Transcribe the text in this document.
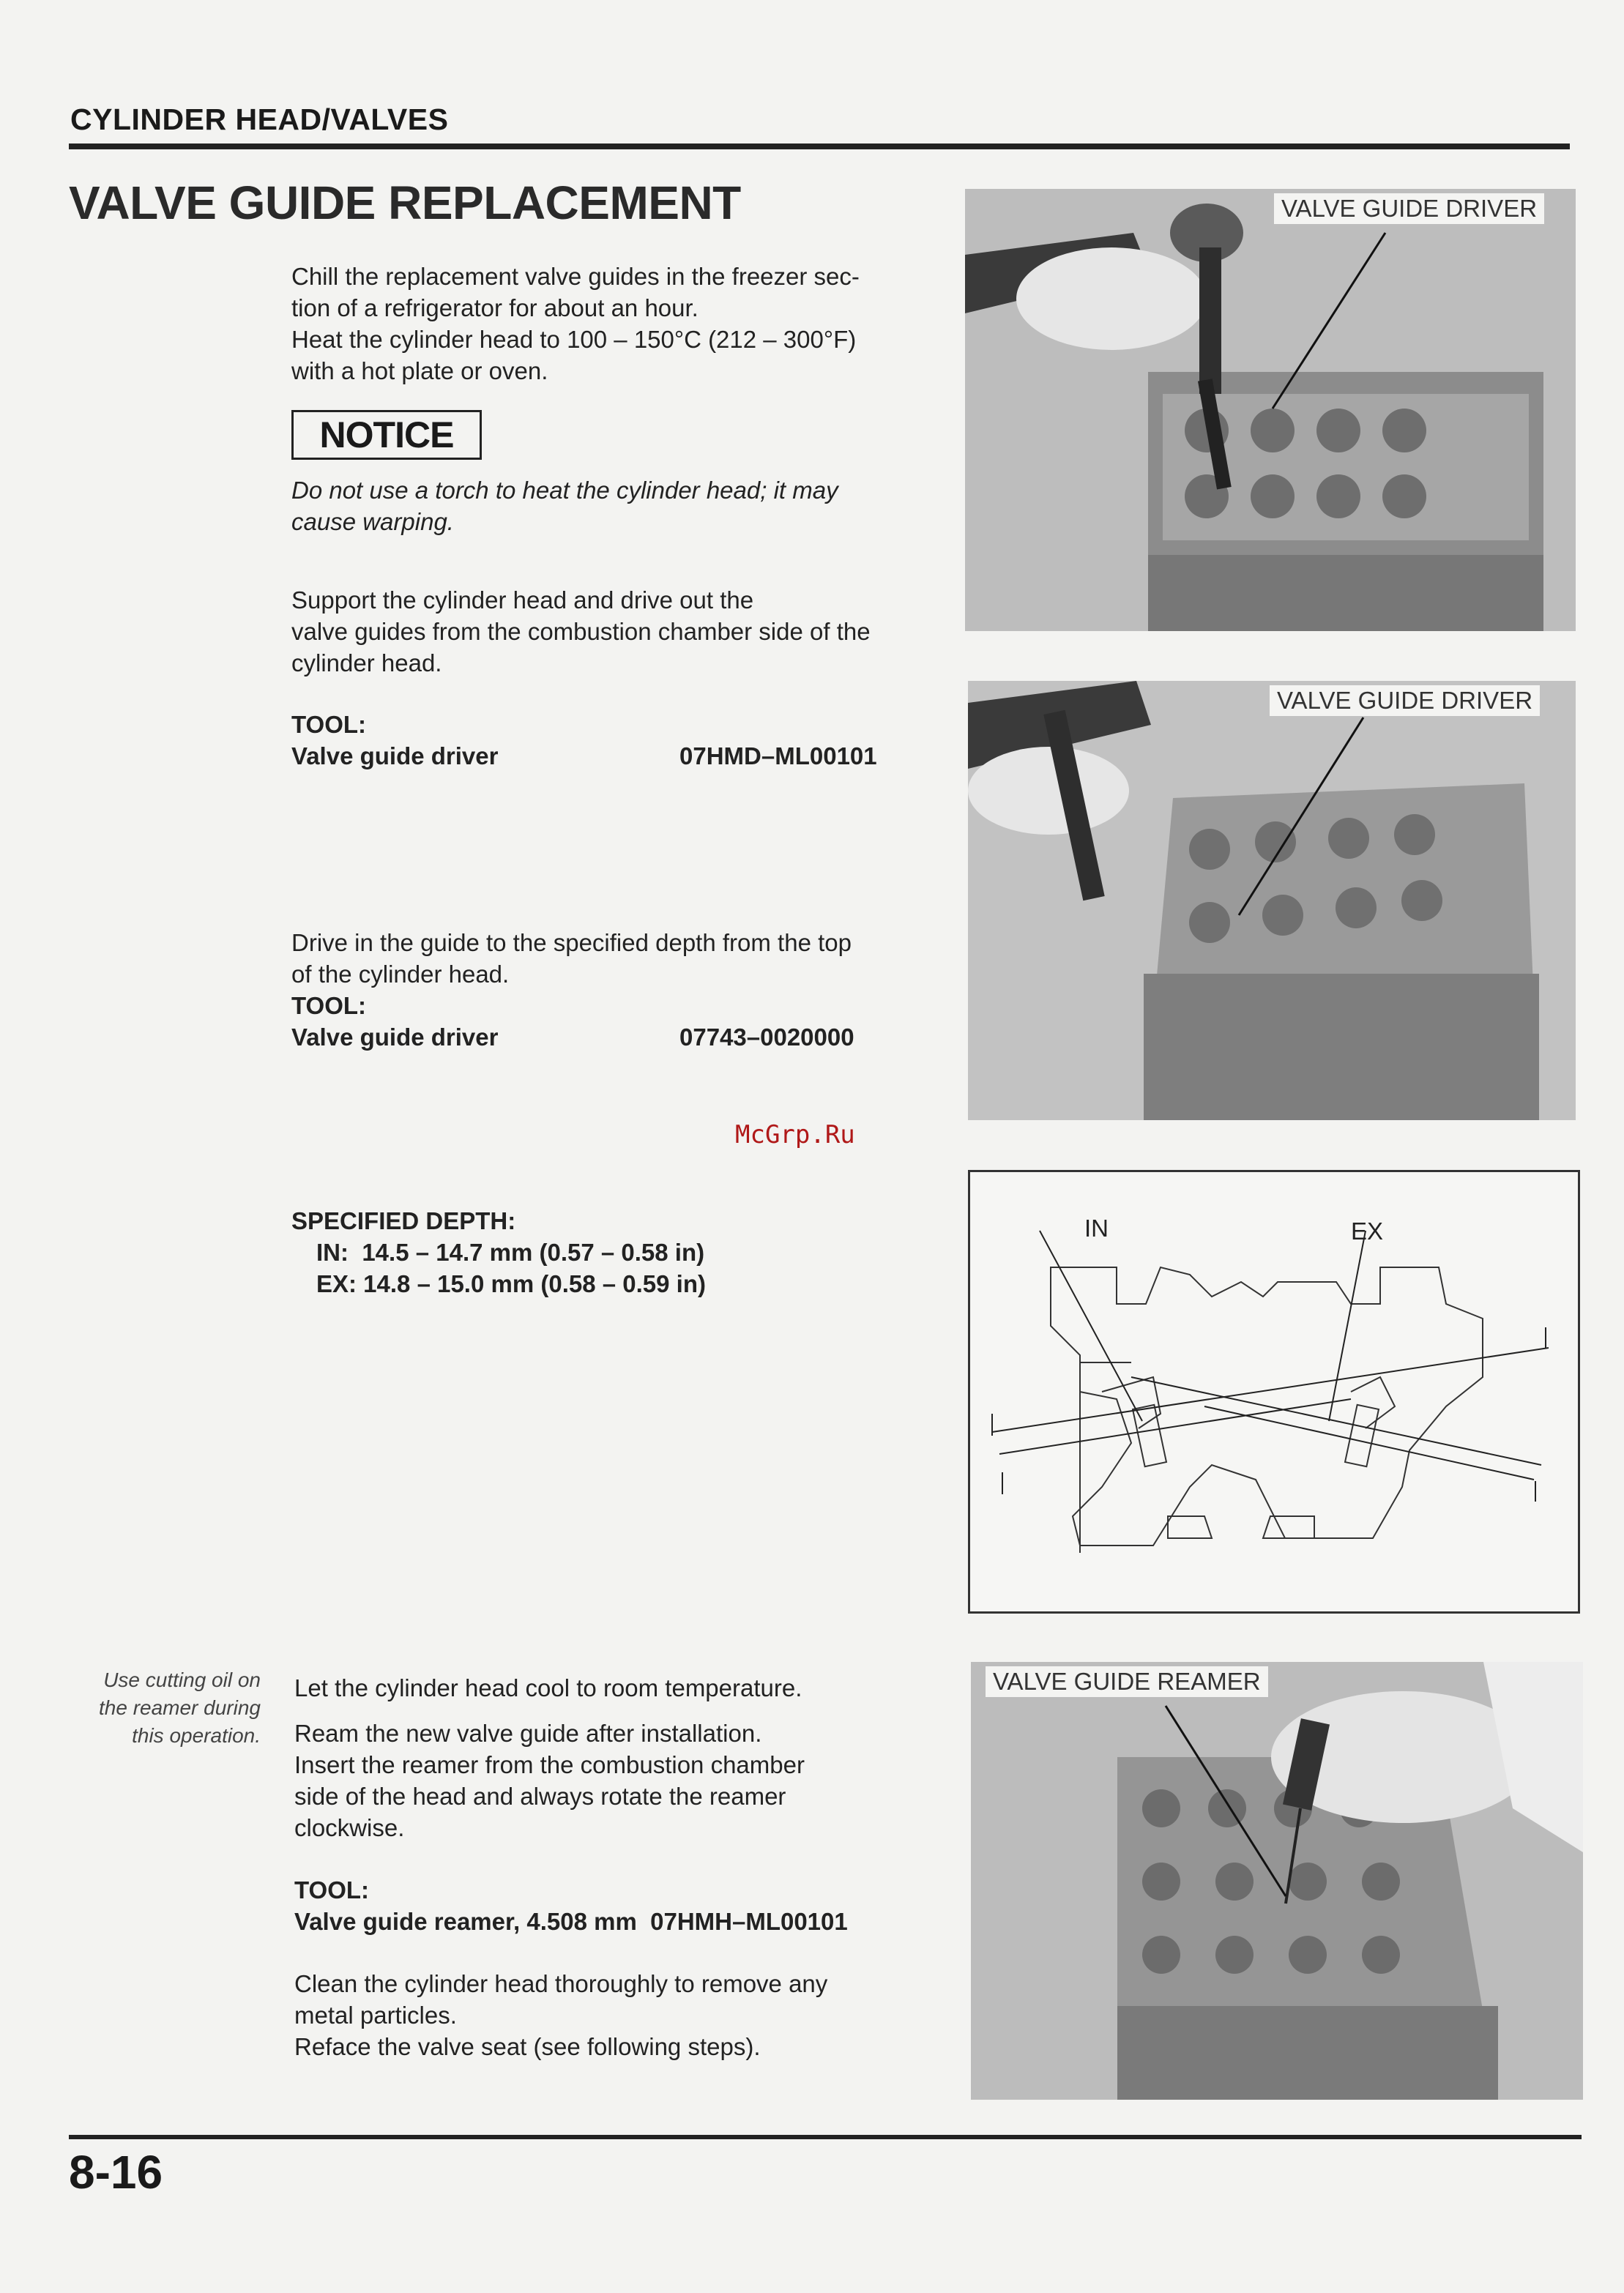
CYLINDER HEAD/VALVES
VALVE GUIDE REPLACEMENT
Chill the replacement valve guides in the freezer sec-
tion of a refrigerator for about an hour.
Heat the cylinder head to 100 – 150°C (212 – 300°F)
with a hot plate or oven.
NOTICE
Do not use a torch to heat the cylinder head; it may
cause warping.
Support the cylinder head and drive out the
valve guides from the combustion chamber side of the
cylinder head.
TOOL:
Valve guide driver	07HMD–ML00101
Drive in the guide to the specified depth from the top
of the cylinder head.
TOOL:
Valve guide driver	07743–0020000
McGrp.Ru
SPECIFIED DEPTH:
IN:  14.5 – 14.7 mm (0.57 – 0.58 in)
EX: 14.8 – 15.0 mm (0.58 – 0.59 in)
Use cutting oil on
the reamer during
this operation.
Let the cylinder head cool to room temperature.
Ream the new valve guide after installation.
Insert the reamer from the combustion chamber
side of the head and always rotate the reamer
clockwise.
TOOL:
Valve guide reamer, 4.508 mm  07HMH–ML00101
Clean the cylinder head thoroughly to remove any
metal particles.
Reface the valve seat (see following steps).
VALVE GUIDE DRIVER
VALVE GUIDE DRIVER
IN	EX
VALVE GUIDE REAMER
8-16
